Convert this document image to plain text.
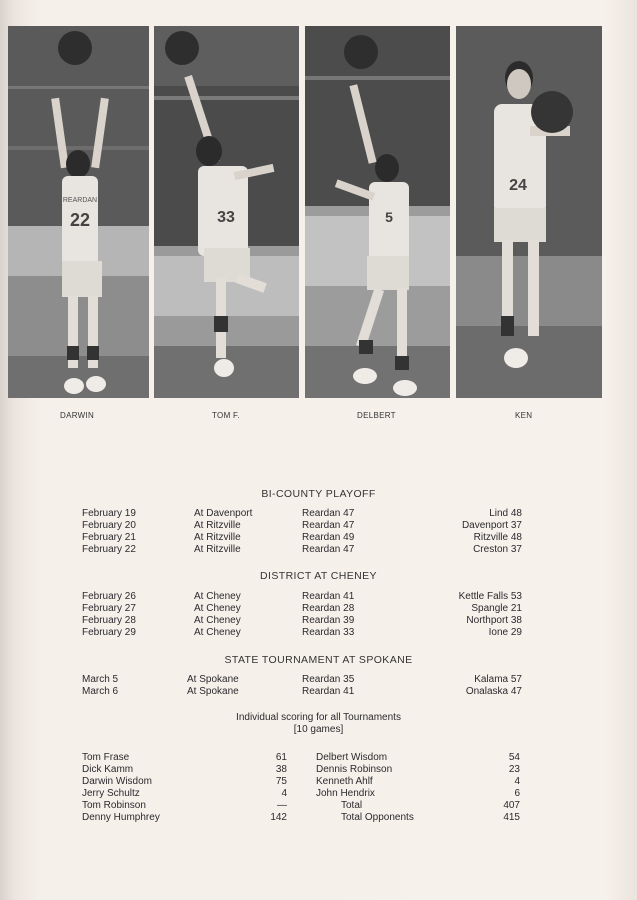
22
REARDAN
33	5
24
DARWIN	TOM F.	DELBERT	KEN
BI-COUNTY PLAYOFF
February 19	At Davenport	Reardan 47	Lind 48
February 20	At Ritzville	Reardan 47	Davenport 37
February 21	At Ritzville	Reardan 49	Ritzville 48
February 22	At Ritzville	Reardan 47	Creston 37
DISTRICT AT CHENEY
February 26	At Cheney	Reardan 41	Kettle Falls 53
February 27	At Cheney	Reardan 28	Spangle 21
February 28	At Cheney	Reardan 39	Northport 38
February 29	At Cheney	Reardan 33	Ione 29
STATE TOURNAMENT AT SPOKANE
March 5	At Spokane	Reardan 35	Kalama 57
March 6	At Spokane	Reardan 41	Onalaska 47
Individual scoring for all Tournaments
[10 games]
Tom Frase	61	Delbert Wisdom	54
Dick Kamm	38	Dennis Robinson	23
Darwin Wisdom	75	Kenneth Ahlf	4
Jerry Schultz	4	John Hendrix	6
Tom Robinson	—	Total	407
Denny Humphrey	142	Total Opponents	415
